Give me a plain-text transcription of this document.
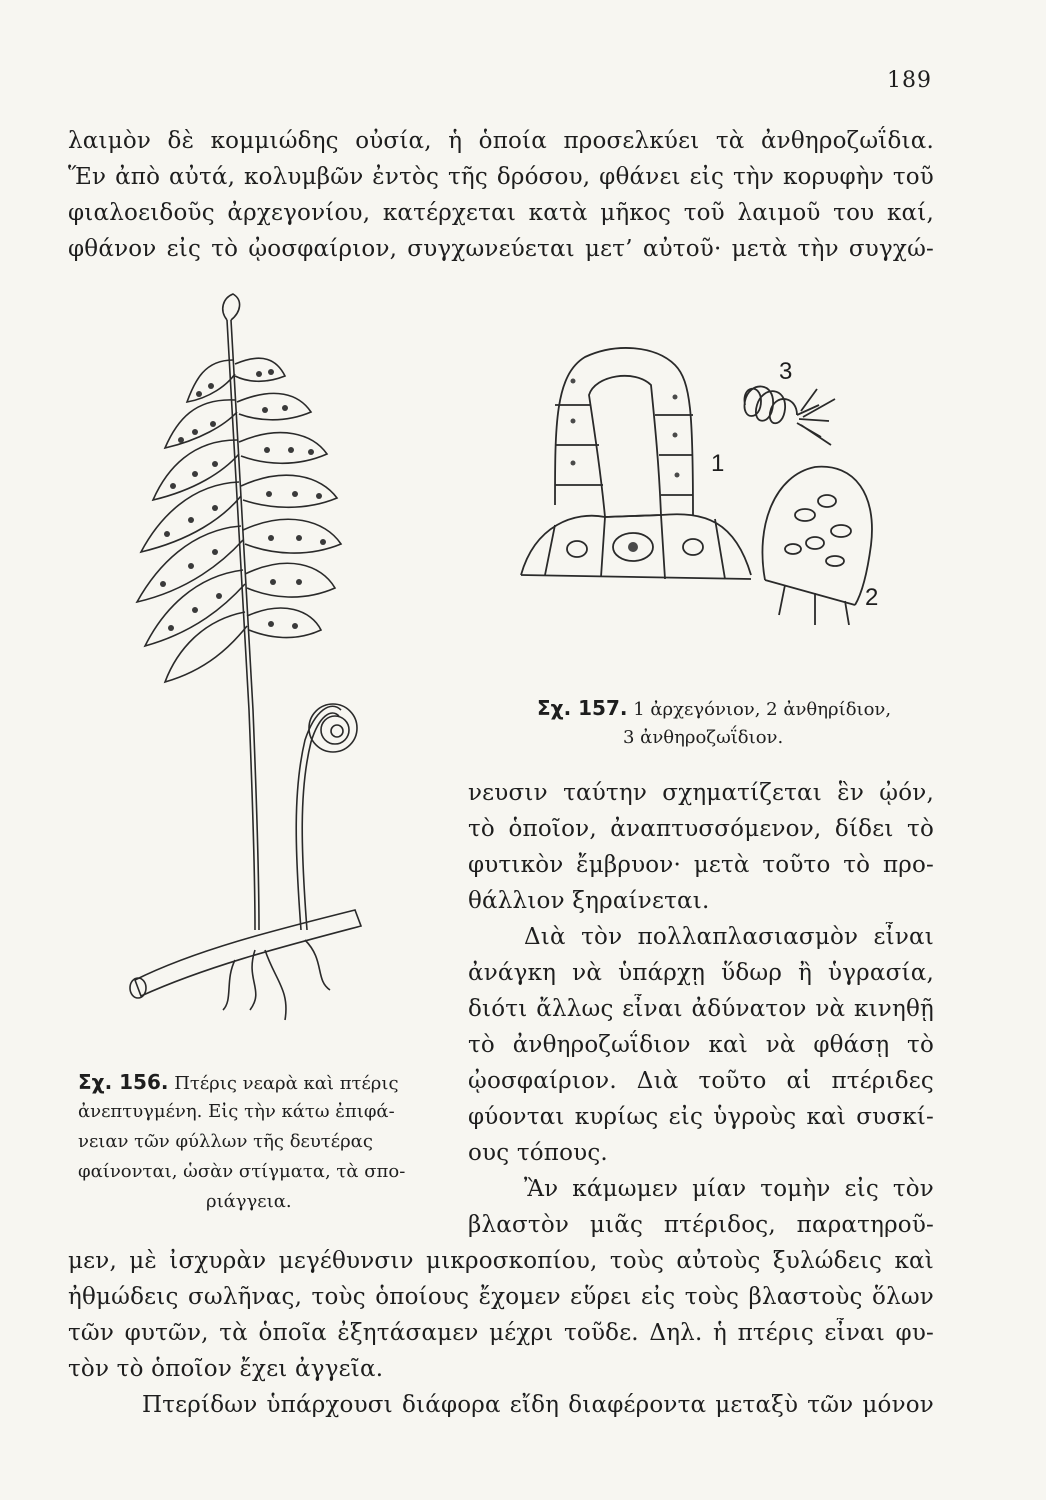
189
λαιμὸν δὲ κομμιώδης οὐσία, ἡ ὁποία προσελκύει τὰ ἀνθηροζωΐδια.
Ἕν ἀπὸ αὐτά, κολυμβῶν ἐντὸς τῆς δρόσου, φθάνει εἰς τὴν κορυφὴν τοῦ
φιαλοειδοῦς ἀρχεγονίου, κατέρχεται κατὰ μῆκος τοῦ λαιμοῦ του καί,
φθάνον εἰς τὸ ᾠοσφαίριον, συγχωνεύεται μετ’ αὐτοῦ· μετὰ τὴν συγχώ-
1
2
3
Σχ. 157. 1 ἀρχεγόνιον, 2 ἀνθηρίδιον,
3 ἀνθηροζωΐδιον.
νευσιν ταύτην σχηματίζεται ἓν ᾠόν,
τὸ ὁποῖον, ἀναπτυσσόμενον, δίδει τὸ
φυτικὸν ἔμβρυον· μετὰ τοῦτο τὸ προ-
θάλλιον ξηραίνεται.
Διὰ τὸν πολλαπλασιασμὸν εἶναι
ἀνάγκη νὰ ὑπάρχῃ ὕδωρ ἢ ὑγρασία,
διότι ἄλλως εἶναι ἀδύνατον νὰ κινηθῇ
τὸ ἀνθηροζωΐδιον καὶ νὰ φθάσῃ τὸ
ᾠοσφαίριον. Διὰ τοῦτο αἱ πτέριδες
φύονται κυρίως εἰς ὑγροὺς καὶ συσκί-
ους τόπους.
Ἂν κάμωμεν μίαν τομὴν εἰς τὸν
βλαστὸν μιᾶς πτέριδος, παρατηροῦ-
Σχ. 156. Πτέρις νεαρὰ καὶ πτέρις
ἀνεπτυγμένη. Εἰς τὴν κάτω ἐπιφά-
νειαν τῶν φύλλων τῆς δευτέρας
φαίνονται, ὡσὰν στίγματα, τὰ σπο-
ριάγγεια.
μεν, μὲ ἰσχυρὰν μεγέθυνσιν μικροσκοπίου, τοὺς αὐτοὺς ξυλώδεις καὶ
ἠθμώδεις σωλῆνας, τοὺς ὁποίους ἔχομεν εὕρει εἰς τοὺς βλαστοὺς ὅλων
τῶν φυτῶν, τὰ ὁποῖα ἐξητάσαμεν μέχρι τοῦδε. Δηλ. ἡ πτέρις εἶναι φυ-
τὸν τὸ ὁποῖον ἔχει ἀγγεῖα.
Πτερίδων ὑπάρχουσι διάφορα εἴδη διαφέροντα μεταξὺ τῶν μόνον
